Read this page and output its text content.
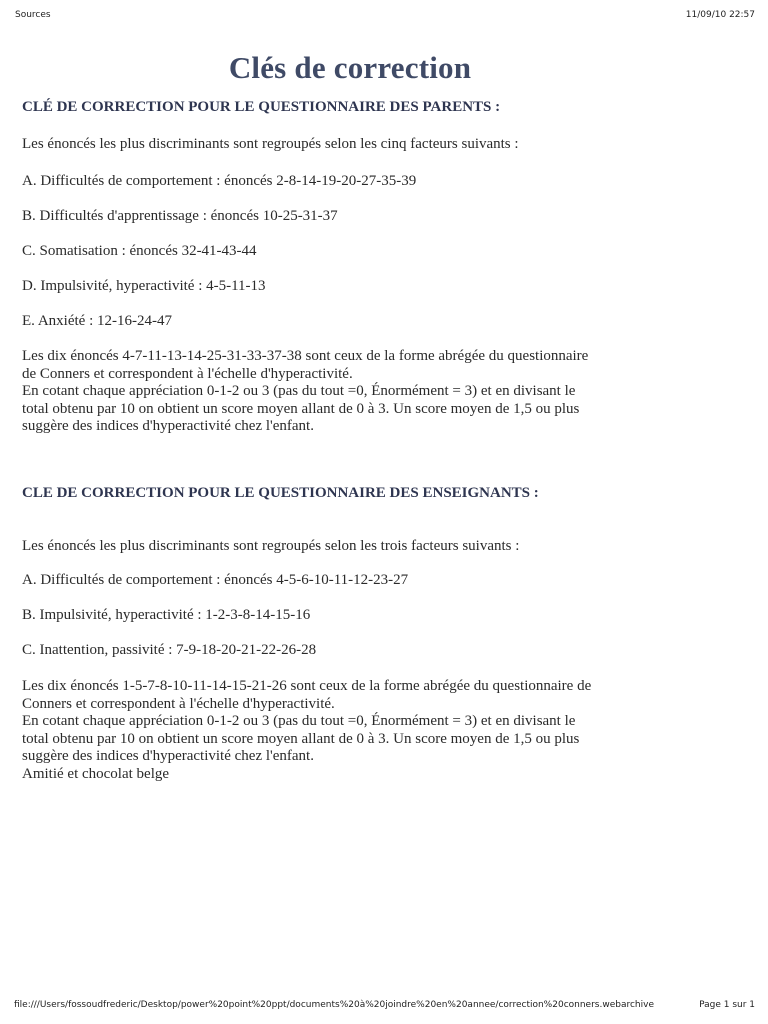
Sources	11/09/10 22:57
Clés de correction
CLÉ DE CORRECTION POUR LE QUESTIONNAIRE DES PARENTS :
Les énoncés les plus discriminants sont regroupés selon les cinq facteurs suivants :
A. Difficultés de comportement : énoncés 2-8-14-19-20-27-35-39
B. Difficultés d'apprentissage : énoncés 10-25-31-37
C. Somatisation : énoncés 32-41-43-44
D. Impulsivité, hyperactivité : 4-5-11-13
E. Anxiété : 12-16-24-47
Les dix énoncés 4-7-11-13-14-25-31-33-37-38 sont ceux de la forme abrégée du questionnaire
de Conners et correspondent à l'échelle d'hyperactivité.
En cotant chaque appréciation 0-1-2 ou 3 (pas du tout =0, Énormément = 3) et en divisant le
total obtenu par 10 on obtient un score moyen allant de 0 à 3. Un score moyen de 1,5 ou plus
suggère des indices d'hyperactivité chez l'enfant.
CLE DE CORRECTION POUR LE QUESTIONNAIRE DES ENSEIGNANTS :
Les énoncés les plus discriminants sont regroupés selon les trois facteurs suivants :
A. Difficultés de comportement : énoncés 4-5-6-10-11-12-23-27
B. Impulsivité, hyperactivité : 1-2-3-8-14-15-16
C. Inattention, passivité : 7-9-18-20-21-22-26-28
Les dix énoncés 1-5-7-8-10-11-14-15-21-26 sont ceux de la forme abrégée du questionnaire de
Conners et correspondent à l'échelle d'hyperactivité.
En cotant chaque appréciation 0-1-2 ou 3 (pas du tout =0, Énormément = 3) et en divisant le
total obtenu par 10 on obtient un score moyen allant de 0 à 3. Un score moyen de 1,5 ou plus
suggère des indices d'hyperactivité chez l'enfant.
Amitié et chocolat belge
file:///Users/fossoudfrederic/Desktop/power%20point%20ppt/documents%20à%20joindre%20en%20annee/correction%20conners.webarchive	Page 1 sur 1
